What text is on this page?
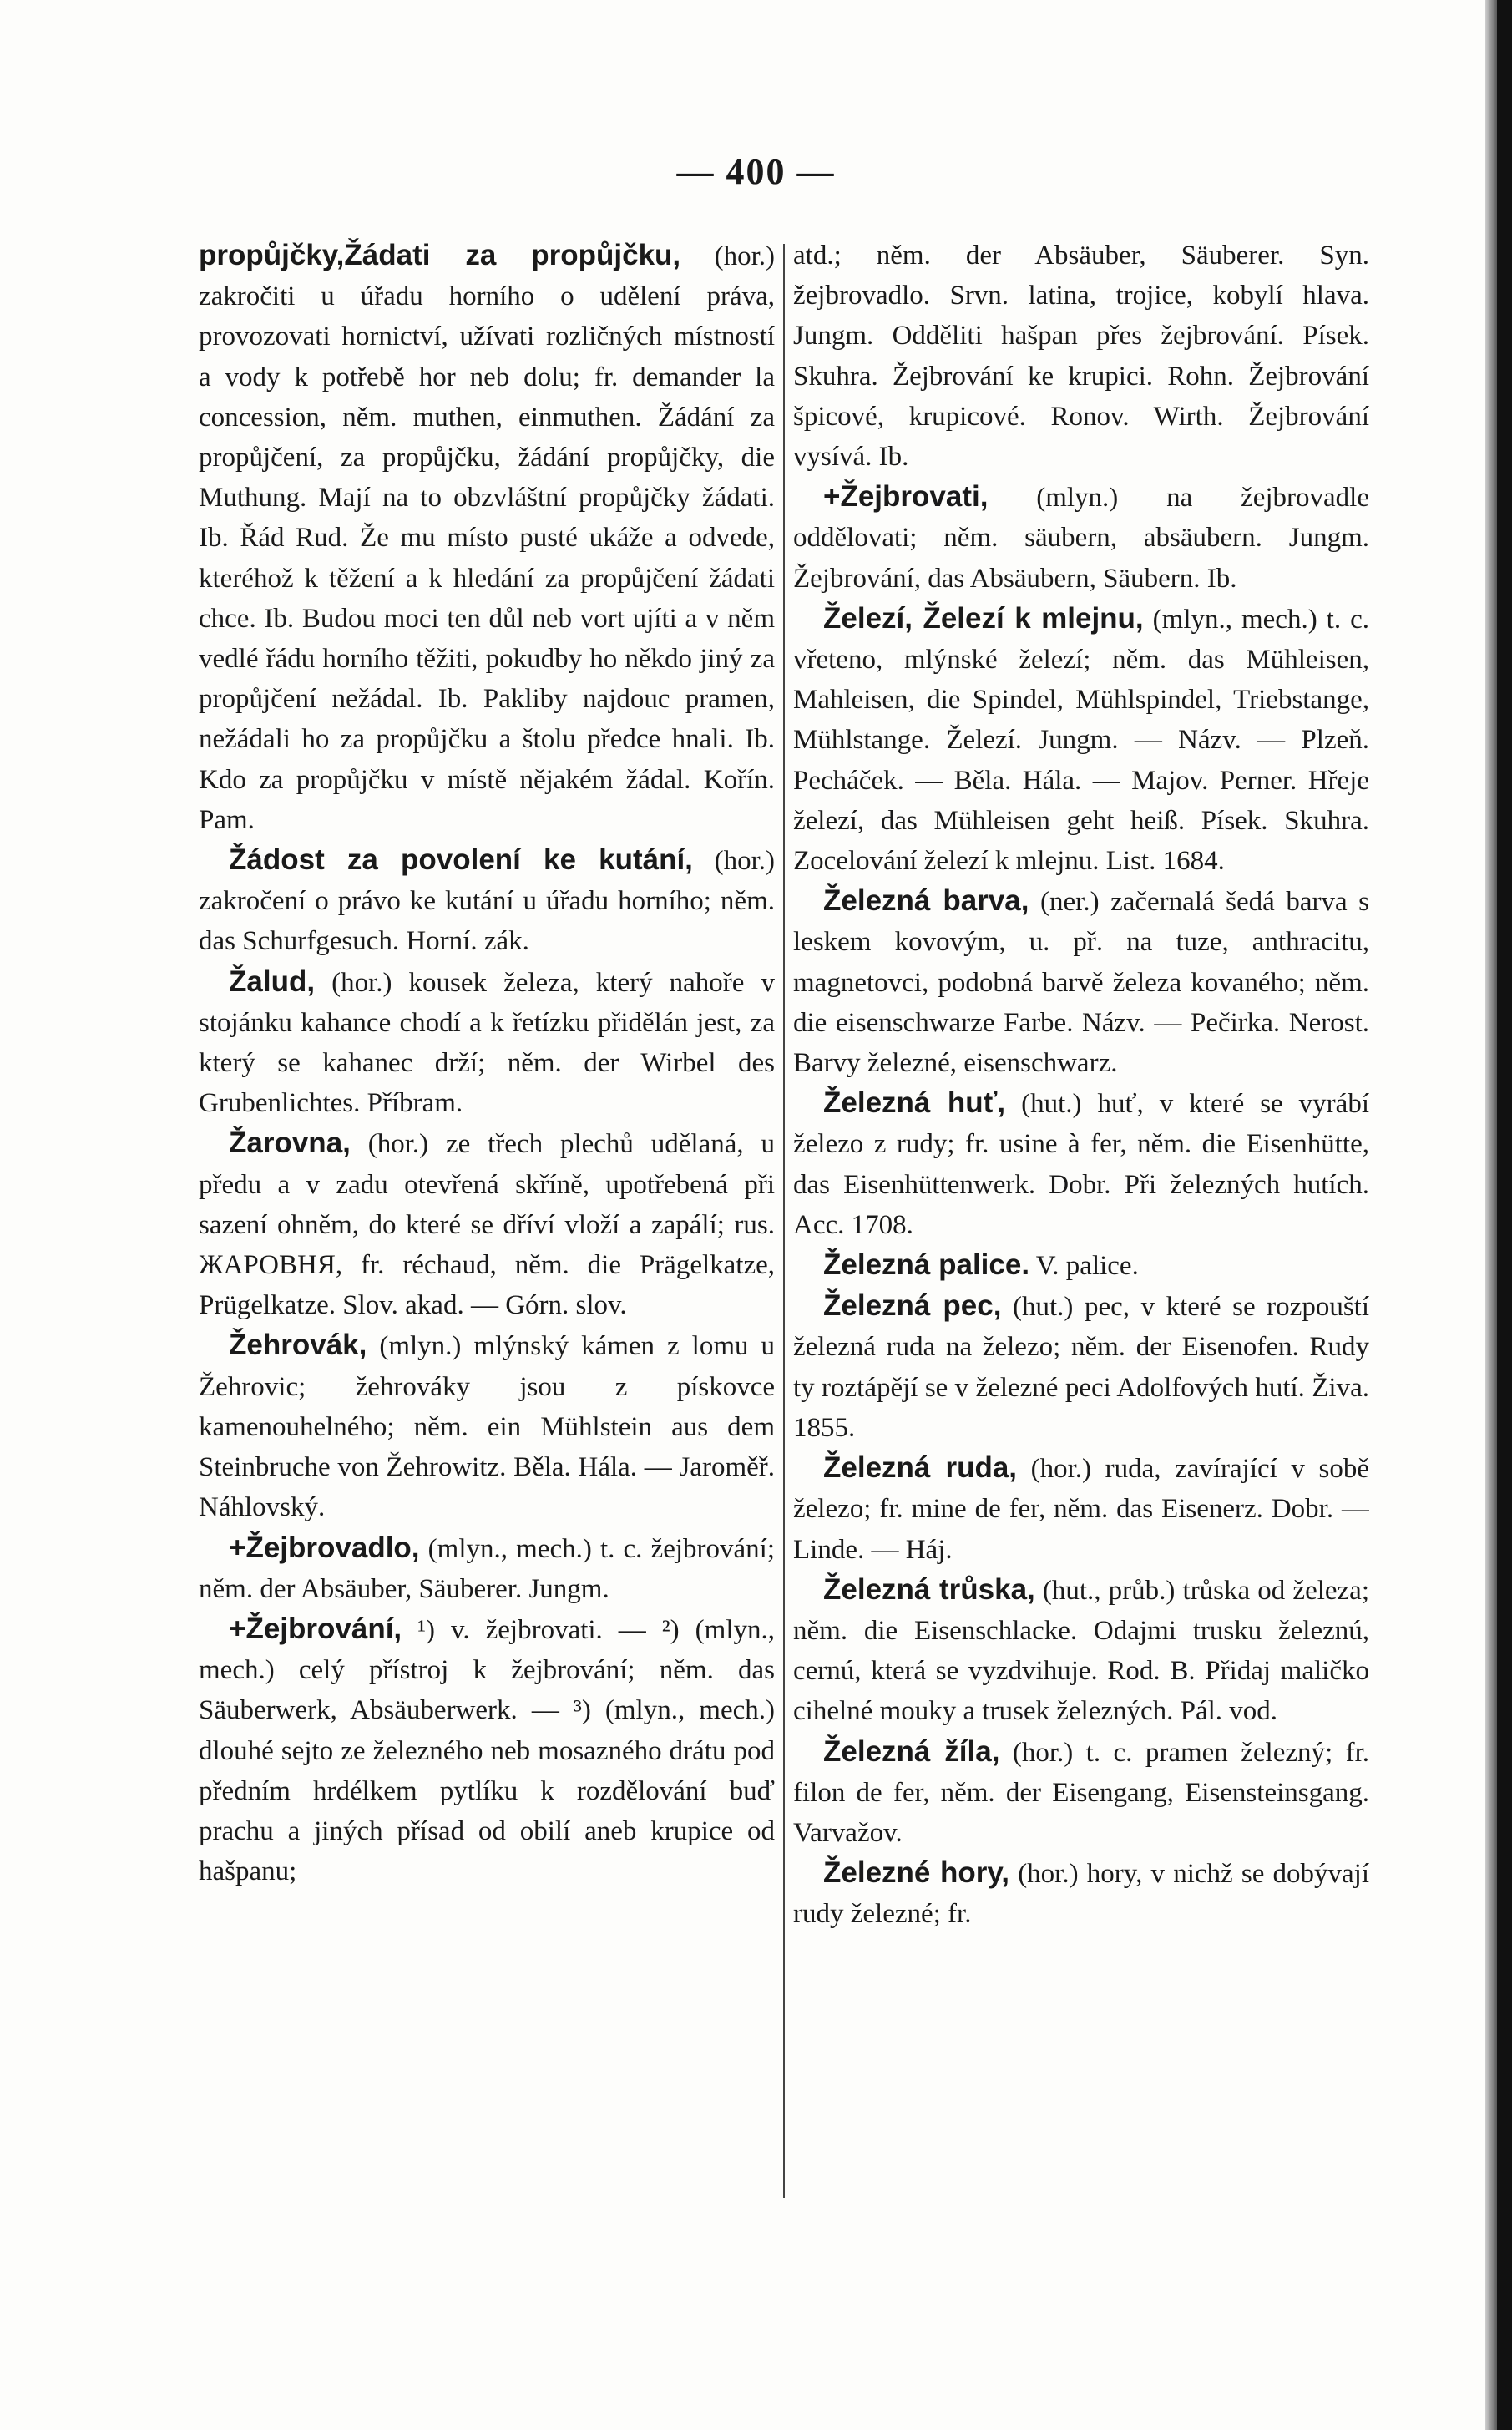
— 400 —

propůjčky,Žádati za propůjčku, (hor.) zakročiti u úřadu horního o udělení práva, provozovati hornictví, užívati rozličných místností a vody k potřebě hor neb dolu; fr. demander la concession, něm. muthen, einmuthen. Žádání za propůjčení, za propůjčku, žádání propůjčky, die Muthung. Mají na to obzvláštní propůjčky žádati. Ib. Řád Rud. Že mu místo pusté ukáže a odvede, kteréhož k těžení a k hledání za propůjčení žádati chce. Ib. Budou moci ten důl neb vort ujíti a v něm vedlé řádu horního těžiti, pokudby ho někdo jiný za propůjčení nežádal. Ib. Pakliby najdouc pramen, nežádali ho za propůjčku a štolu předce hnali. Ib. Kdo za propůjčku v místě nějakém žádal. Kořín. Pam.

Žádost za povolení ke kutání, (hor.) zakročení o právo ke kutání u úřadu horního; něm. das Schurfgesuch. Horní. zák.

Žalud, (hor.) kousek železa, který nahoře v stojánku kahance chodí a k řetízku přidělán jest, za který se kahanec drží; něm. der Wirbel des Grubenlichtes. Příbram.

Žarovna, (hor.) ze třech plechů udělaná, u předu a v zadu otevřená skříně, upotřebená při sazení ohněm, do které se dříví vloží a zapálí; rus. ЖАРОВНЯ, fr. réchaud, něm. die Prägelkatze, Prügelkatze. Slov. akad. — Górn. slov.

Žehrovák, (mlyn.) mlýnský kámen z lomu u Žehrovic; žehrováky jsou z pískovce kamenouhelného; něm. ein Mühlstein aus dem Steinbruche von Žehrowitz. Běla. Hála. — Jaroměř. Náhlovský.

+Žejbrovadlo, (mlyn., mech.) t. c. žejbrování; něm. der Absäuber, Säuberer. Jungm.

+Žejbrování, ¹) v. žejbrovati. — ²) (mlyn., mech.) celý přístroj k žejbrování; něm. das Säuberwerk, Absäuberwerk. — ³) (mlyn., mech.) dlouhé sejto ze železného neb mosazného drátu pod předním hrdélkem pytlíku k rozdělování buď prachu a jiných přísad od obilí aneb krupice od hašpanu;

atd.; něm. der Absäuber, Säuberer. Syn. žejbrovadlo. Srvn. latina, trojice, kobylí hlava. Jungm. Odděliti hašpan přes žejbrování. Písek. Skuhra. Žejbrování ke krupici. Rohn. Žejbrování špicové, krupicové. Ronov. Wirth. Žejbrování vysívá. Ib.

+Žejbrovati, (mlyn.) na žejbrovadle oddělovati; něm. säubern, absäubern. Jungm. Žejbrování, das Absäubern, Säubern. Ib.

Železí, Železí k mlejnu, (mlyn., mech.) t. c. vřeteno, mlýnské železí; něm. das Mühleisen, Mahleisen, die Spindel, Mühlspindel, Triebstange, Mühlstange. Železí. Jungm. — Názv. — Plzeň. Pecháček. — Běla. Hála. — Majov. Perner. Hřeje železí, das Mühleisen geht heiß. Písek. Skuhra. Zocelování železí k mlejnu. List. 1684.

Železná barva, (ner.) začernalá šedá barva s leskem kovovým, u. př. na tuze, anthracitu, magnetovci, podobná barvě železa kovaného; něm. die eisenschwarze Farbe. Názv. — Pečirka. Nerost. Barvy železné, eisenschwarz.

Železná huť, (hut.) huť, v které se vyrábí železo z rudy; fr. usine à fer, něm. die Eisenhütte, das Eisenhüttenwerk. Dobr. Při železných hutích. Acc. 1708.

Železná palice. V. palice.

Železná pec, (hut.) pec, v které se rozpouští železná ruda na železo; něm. der Eisenofen. Rudy ty roztápějí se v železné peci Adolfových hutí. Živa. 1855.

Železná ruda, (hor.) ruda, zavírající v sobě železo; fr. mine de fer, něm. das Eisenerz. Dobr. — Linde. — Háj.

Železná trůska, (hut., průb.) trůska od železa; něm. die Eisenschlacke. Odajmi trusku železnú, cernú, která se vyzdvihuje. Rod. B. Přidaj maličko cihelné mouky a trusek železných. Pál. vod.

Železná žíla, (hor.) t. c. pramen železný; fr. filon de fer, něm. der Eisengang, Eisensteinsgang. Varvažov.

Železné hory, (hor.) hory, v nichž se dobývají rudy železné; fr.
